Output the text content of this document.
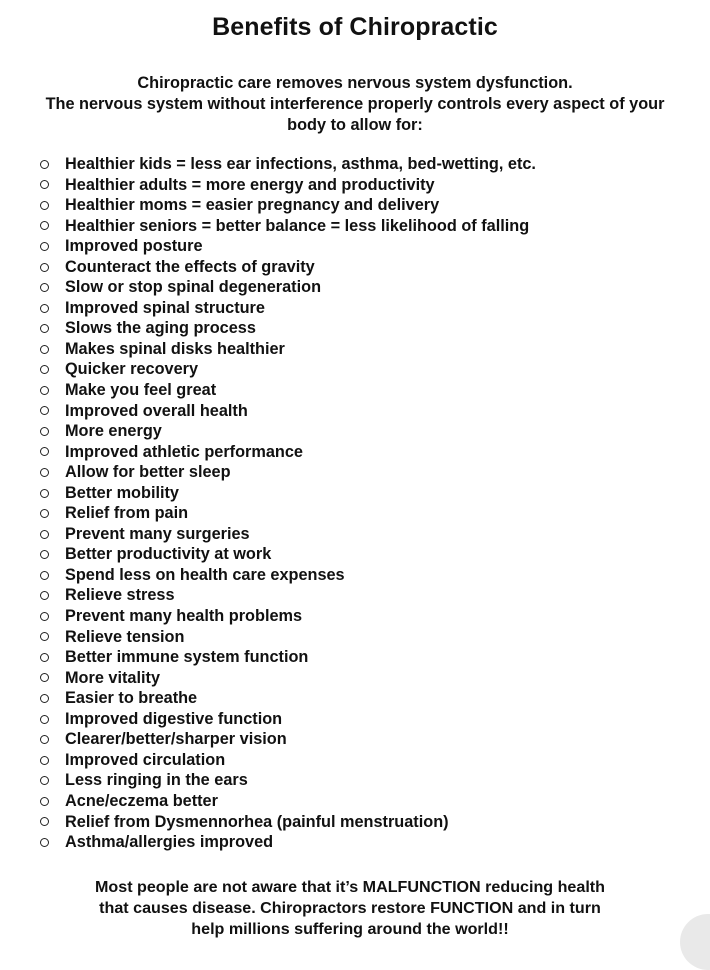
Benefits of Chiropractic
Chiropractic care removes nervous system dysfunction.
The nervous system without interference properly controls every aspect of your
body to allow for:
Healthier kids = less ear infections, asthma, bed-wetting, etc.
Healthier adults = more energy and productivity
Healthier moms = easier pregnancy and delivery
Healthier seniors = better balance = less likelihood of falling
Improved posture
Counteract the effects of gravity
Slow or stop spinal degeneration
Improved spinal structure
Slows the aging process
Makes spinal disks healthier
Quicker recovery
Make you feel great
Improved overall health
More energy
Improved athletic performance
Allow for better sleep
Better mobility
Relief from pain
Prevent many surgeries
Better productivity at work
Spend less on health care expenses
Relieve stress
Prevent many health problems
Relieve tension
Better immune system function
More vitality
Easier to breathe
Improved digestive function
Clearer/better/sharper vision
Improved circulation
Less ringing in the ears
Acne/eczema better
Relief from Dysmennorhea (painful menstruation)
Asthma/allergies improved
Most people are not aware that it’s MALFUNCTION reducing health
that causes disease. Chiropractors restore FUNCTION and in turn
help millions suffering around the world!!
